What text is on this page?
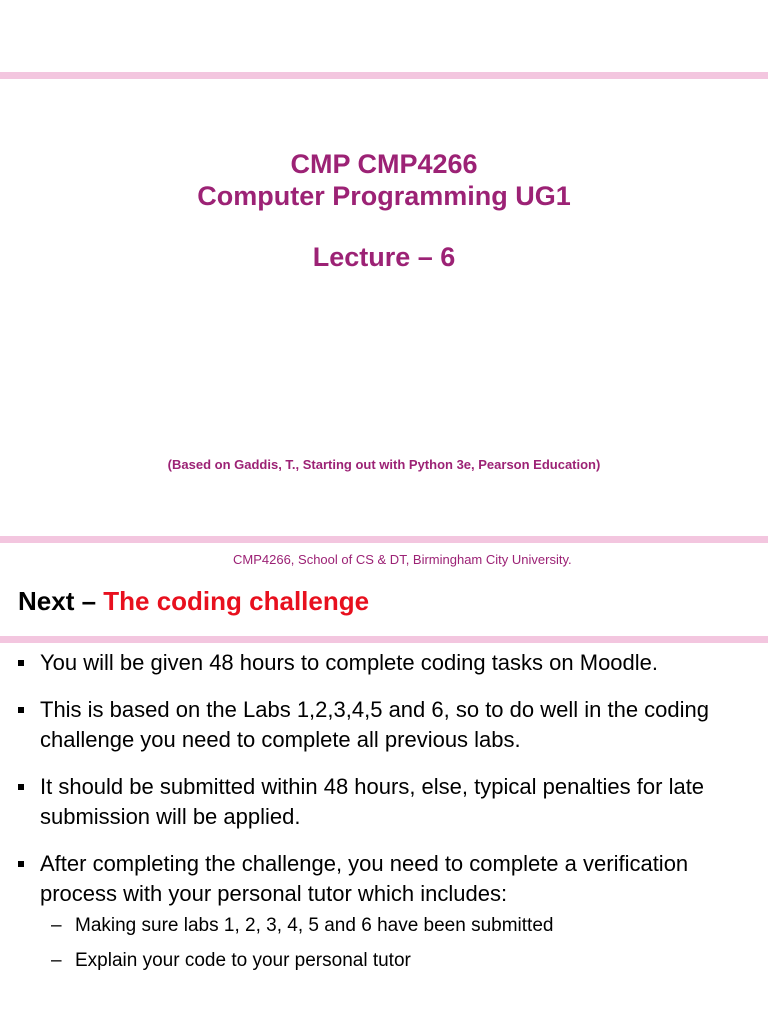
CMP CMP4266
Computer Programming UG1
Lecture – 6
(Based on Gaddis, T., Starting out with Python 3e, Pearson Education)
CMP4266, School of CS & DT, Birmingham City University.
Next – The coding challenge
You will be given 48 hours to complete coding tasks on Moodle.
This is based on the Labs 1,2,3,4,5 and 6, so to do well in the coding challenge you need to complete all previous labs.
It should be submitted within 48 hours, else, typical penalties for late submission will be applied.
After completing the challenge, you need to complete a verification process with your personal tutor which includes:
– Making sure labs 1, 2, 3, 4, 5 and 6 have been submitted
– Explain your code to your personal tutor
